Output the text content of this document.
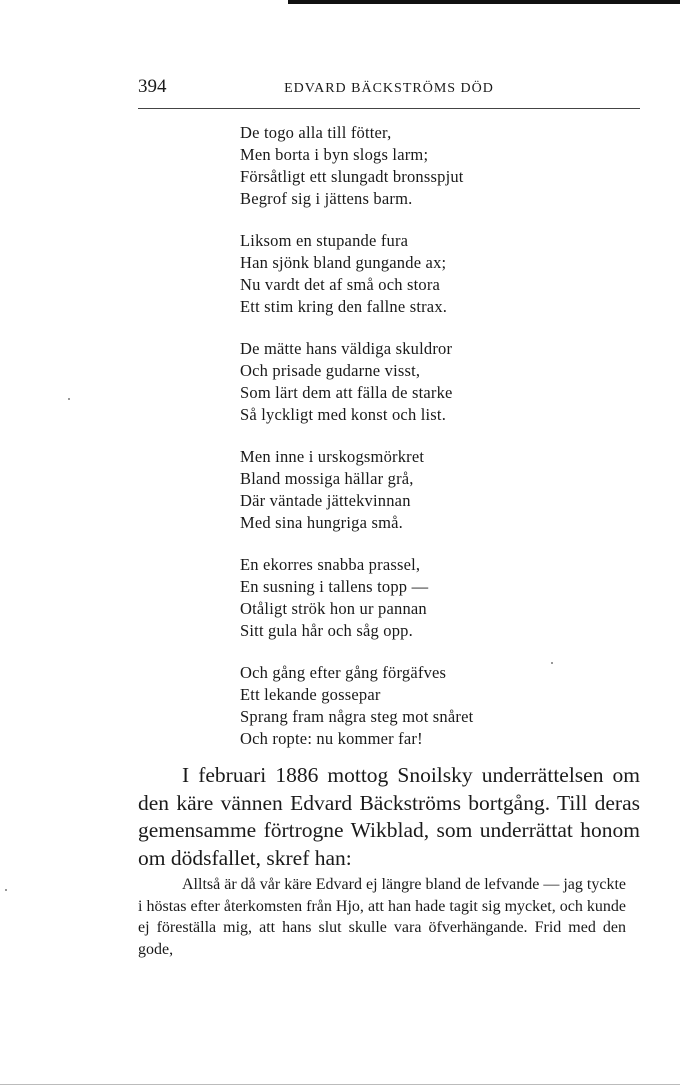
394	EDVARD BÄCKSTRÖMS DÖD
De togo alla till fötter,
Men borta i byn slogs larm;
Försåtligt ett slungadt bronsspjut
Begrof sig i jättens barm.
Liksom en stupande fura
Han sjönk bland gungande ax;
Nu vardt det af små och stora
Ett stim kring den fallne strax.
De mätte hans väldiga skuldror
Och prisade gudarne visst,
Som lärt dem att fälla de starke
Så lyckligt med konst och list.
Men inne i urskogsmörkret
Bland mossiga hällar grå,
Där väntade jättekvinnan
Med sina hungriga små.
En ekorres snabba prassel,
En susning i tallens topp —
Otåligt strök hon ur pannan
Sitt gula hår och såg opp.
Och gång efter gång förgäfves
Ett lekande gossepar
Sprang fram några steg mot snåret
Och ropte: nu kommer far!

I februari 1886 mottog Snoilsky underrättelsen om den käre vännen Edvard Bäckströms bortgång. Till deras gemensamme förtrogne Wikblad, som underrättat honom om dödsfallet, skref han:

Alltså är då vår käre Edvard ej längre bland de lefvande — jag tyckte i höstas efter återkomsten från Hjo, att han hade tagit sig mycket, och kunde ej föreställa mig, att hans slut skulle vara öfverhängande. Frid med den gode,
